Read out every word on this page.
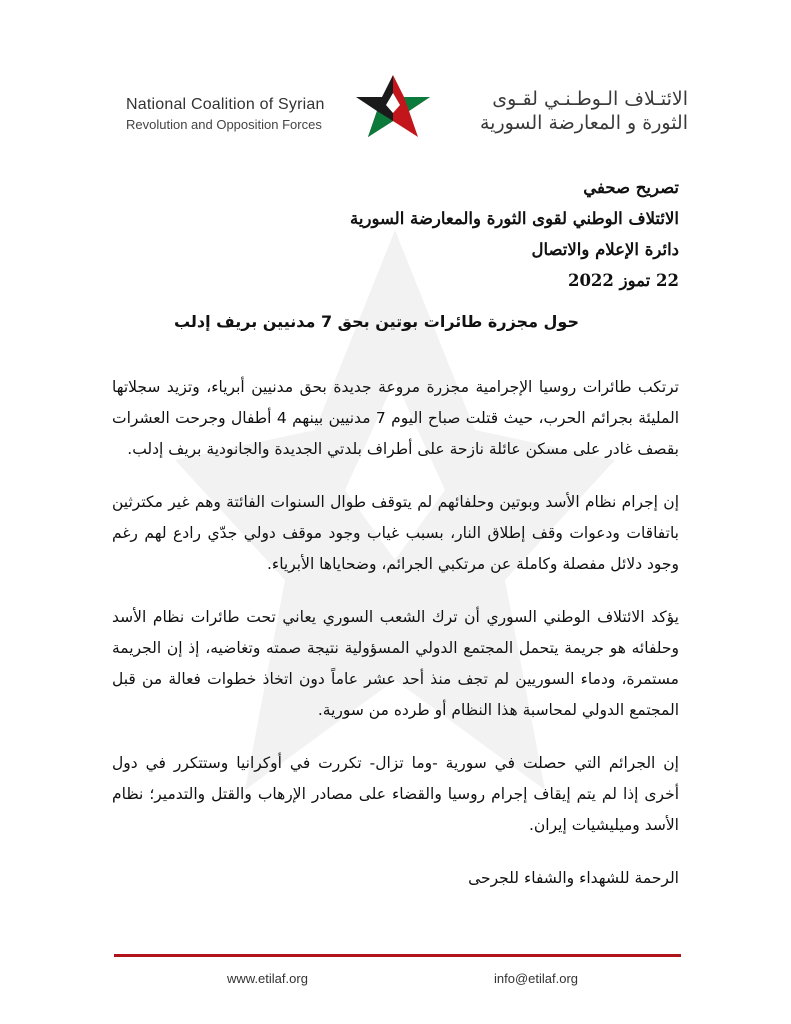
National Coalition of Syrian
Revolution and Opposition Forces
الائتـلاف الـوطـنـي لقـوى
الثورة و المعارضة السورية
تصريح صحفي
الائتلاف الوطني لقوى الثورة والمعارضة السورية
دائرة الإعلام والاتصال
22 تموز 2022
حول مجزرة طائرات بوتين بحق 7 مدنيين بريف إدلب

ترتكب طائرات روسيا الإجرامية مجزرة مروعة جديدة بحق مدنيين أبرياء، وتزيد سجلاتها المليئة بجرائم الحرب، حيث قتلت صباح اليوم 7 مدنيين بينهم 4 أطفال وجرحت العشرات بقصف غادر على مسكن عائلة نازحة على أطراف بلدتي الجديدة والجانودية بريف إدلب.

إن إجرام نظام الأسد وبوتين وحلفائهم لم يتوقف طوال السنوات الفائتة وهم غير مكترثين باتفاقات ودعوات وقف إطلاق النار، بسبب غياب وجود موقف دولي جدّي رادع لهم رغم وجود دلائل مفصلة وكاملة عن مرتكبي الجرائم، وضحاياها الأبرياء.

يؤكد الائتلاف الوطني السوري أن ترك الشعب السوري يعاني تحت طائرات نظام الأسد وحلفائه هو جريمة يتحمل المجتمع الدولي المسؤولية نتيجة صمته وتغاضيه، إذ إن الجريمة مستمرة، ودماء السوريين لم تجف منذ أحد عشر عاماً دون اتخاذ خطوات فعالة من قبل المجتمع الدولي لمحاسبة هذا النظام أو طرده من سورية.

إن الجرائم التي حصلت في سورية -وما تزال- تكررت في أوكرانيا وستتكرر في دول أخرى إذا لم يتم إيقاف إجرام روسيا والقضاء على مصادر الإرهاب والقتل والتدمير؛ نظام الأسد وميليشيات إيران.

الرحمة للشهداء والشفاء للجرحى

www.etilaf.org	info@etilaf.org
